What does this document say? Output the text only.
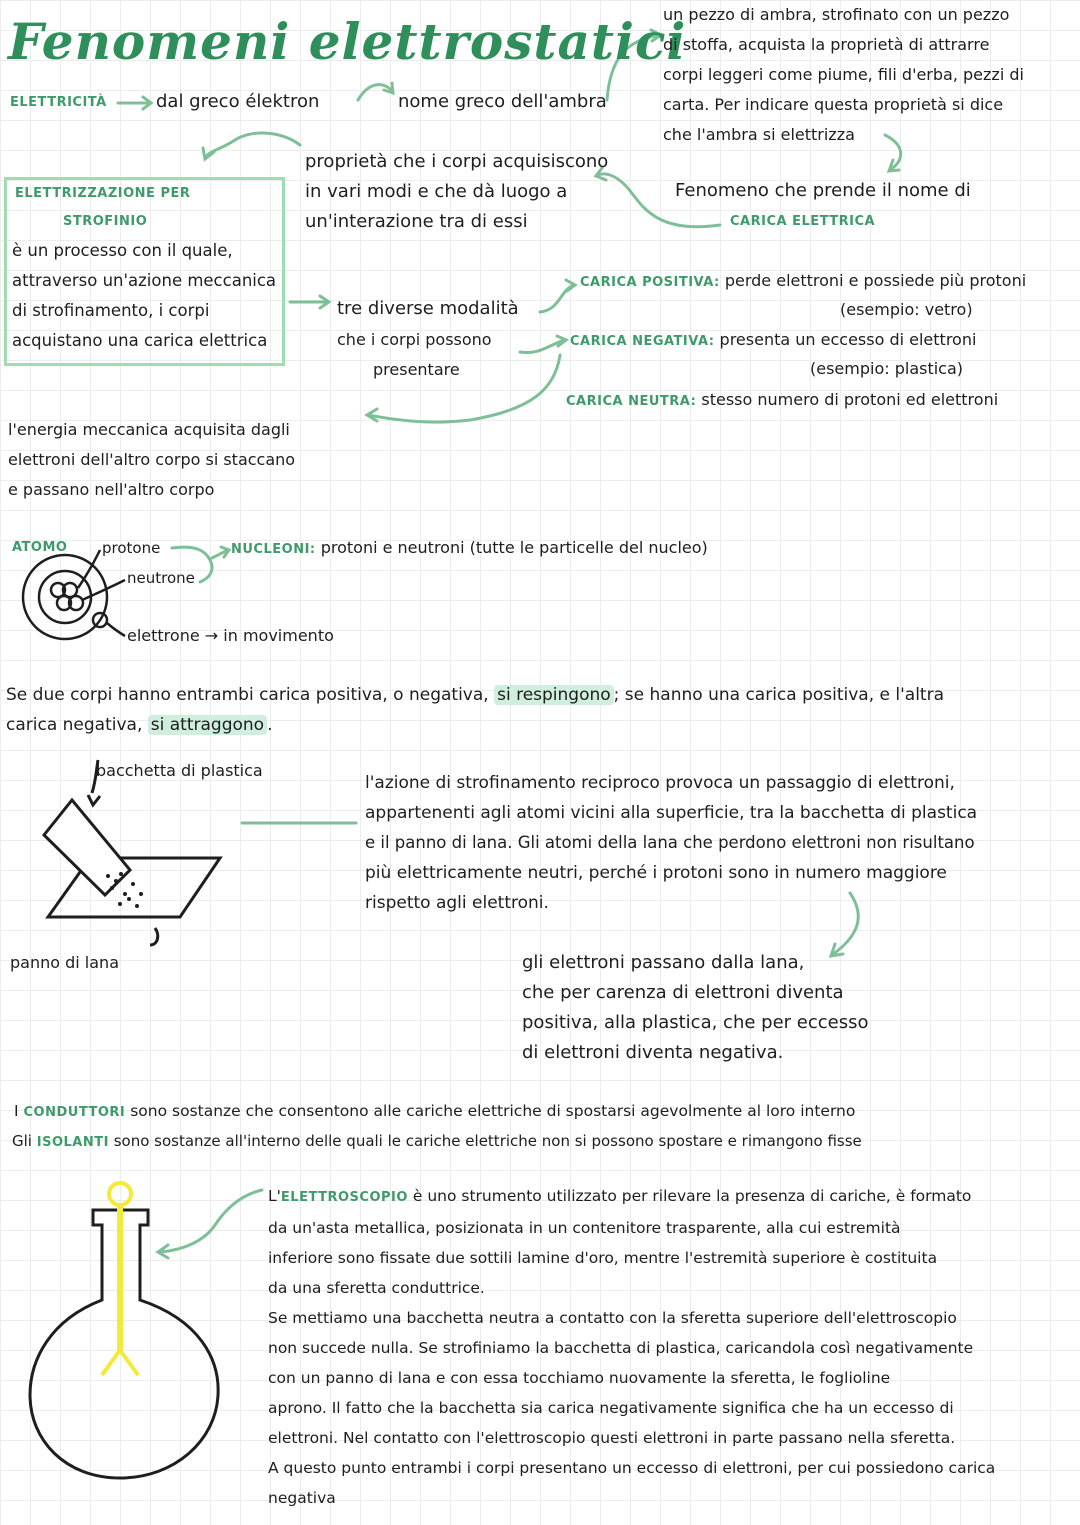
Fenomeni elettrostatici
ELETTRICITÀ	dal greco élektron	nome greco dell'ambra
un pezzo di ambra, strofinato con un pezzo
di stoffa, acquista la proprietà di attrarre
corpi leggeri come piume, fili d'erba, pezzi di
carta. Per indicare questa proprietà si dice
che l'ambra si elettrizza
Fenomeno che prende il nome di
CARICA ELETTRICA
proprietà che i corpi acquisiscono
in vari modi e che dà luogo a
un'interazione tra di essi
ELETTRIZZAZIONE PER
STROFINIO
è un processo con il quale,
attraverso un'azione meccanica
di strofinamento, i corpi
acquistano una carica elettrica
tre diverse modalità
che i corpi possono
presentare
CARICA POSITIVA: perde elettroni e possiede più protoni
(esempio: vetro)
CARICA NEGATIVA: presenta un eccesso di elettroni
(esempio: plastica)
CARICA NEUTRA: stesso numero di protoni ed elettroni
l'energia meccanica acquisita dagli
elettroni dell'altro corpo si staccano
e passano nell'altro corpo
ATOMO protone
neutrone
elettrone → in movimento
NUCLEONI: protoni e neutroni (tutte le particelle del nucleo)
Se due corpi hanno entrambi carica positiva, o negativa, si respingono ; se hanno una carica positiva, e l'altra
carica negativa, si attraggono .
bacchetta di plastica
panno di lana
l'azione di strofinamento reciproco provoca un passaggio di elettroni,
appartenenti agli atomi vicini alla superficie, tra la bacchetta di plastica
e il panno di lana. Gli atomi della lana che perdono elettroni non risultano
più elettricamente neutri, perché i protoni sono in numero maggiore
rispetto agli elettroni.
gli elettroni passano dalla lana,
che per carenza di elettroni diventa
positiva, alla plastica, che per eccesso
di elettroni diventa negativa.
I CONDUTTORI sono sostanze che consentono alle cariche elettriche di spostarsi agevolmente al loro interno
Gli ISOLANTI sono sostanze all'interno delle quali le cariche elettriche non si possono spostare e rimangono fisse
L'ELETTROSCOPIO è uno strumento utilizzato per rilevare la presenza di cariche, è formato
da un'asta metallica, posizionata in un contenitore trasparente, alla cui estremità
inferiore sono fissate due sottili lamine d'oro, mentre l'estremità superiore è costituita
da una sferetta conduttrice.
Se mettiamo una bacchetta neutra a contatto con la sferetta superiore dell'elettroscopio
non succede nulla. Se strofiniamo la bacchetta di plastica, caricandola così negativamente
con un panno di lana e con essa tocchiamo nuovamente la sferetta, le foglioline
aprono. Il fatto che la bacchetta sia carica negativamente significa che ha un eccesso di
elettroni. Nel contatto con l'elettroscopio questi elettroni in parte passano nella sferetta.
A questo punto entrambi i corpi presentano un eccesso di elettroni, per cui possiedono carica
negativa
